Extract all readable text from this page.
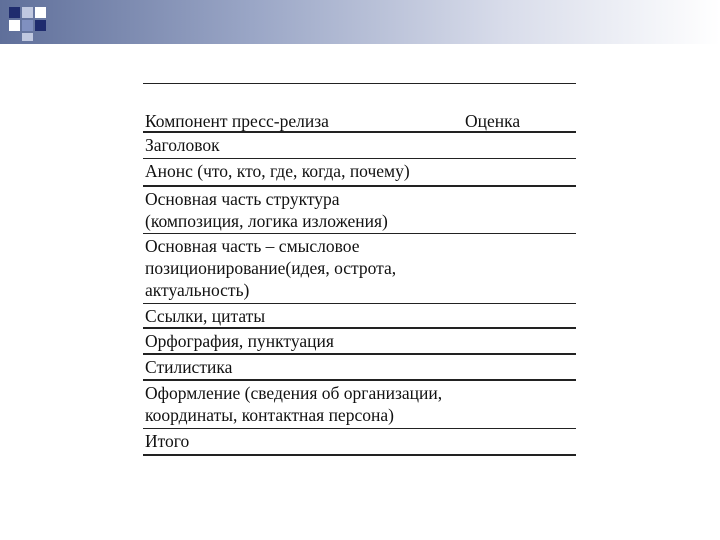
Компонент пресс-релиза	Оценка
Заголовок
Анонс (что, кто, где, когда, почему)
Основная часть структура
(композиция, логика изложения)
Основная часть – смысловое
позиционирование(идея, острота,
актуальность)
Ссылки, цитаты
Орфография, пунктуация
Стилистика
Оформление (сведения об организации,
координаты, контактная персона)
Итого
